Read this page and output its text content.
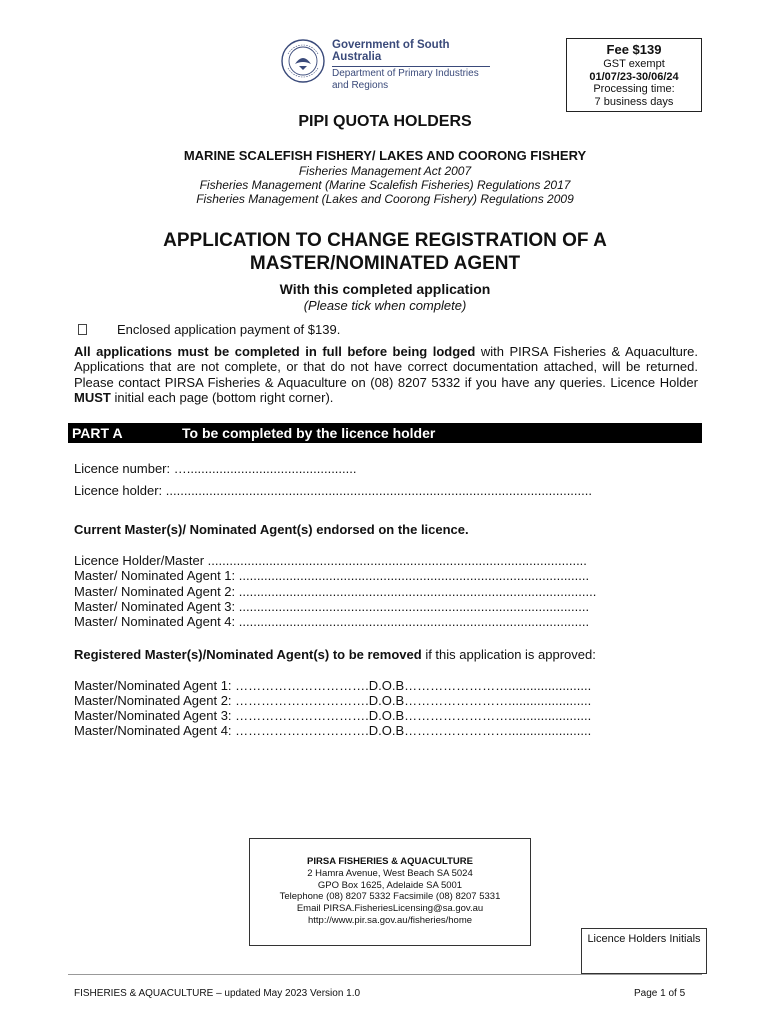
Government of South Australia
Department of Primary Industries
and Regions
Fee $139
GST exempt
01/07/23-30/06/24
Processing time:
7 business days
PIPI QUOTA HOLDERS
MARINE SCALEFISH FISHERY/ LAKES AND COORONG FISHERY
Fisheries Management Act 2007
Fisheries Management (Marine Scalefish Fisheries) Regulations 2017
Fisheries Management (Lakes and Coorong Fishery) Regulations 2009
APPLICATION TO CHANGE REGISTRATION OF A
MASTER/NOMINATED AGENT
With this completed application
(Please tick when complete)
Enclosed application payment of $139.
All applications must be completed in full before being lodged with PIRSA Fisheries & Aquaculture. Applications that are not complete, or that do not have correct documentation attached, will be returned. Please contact PIRSA Fisheries & Aquaculture on (08) 8207 5332 if you have any queries. Licence Holder MUST initial each page (bottom right corner).
PART A	To be completed by the licence holder
Licence number: …...............................................
Licence holder: ......................................................................................................................
Current Master(s)/ Nominated Agent(s) endorsed on the licence.
Licence Holder/Master .........................................................................................................
Master/ Nominated Agent 1: .................................................................................................
Master/ Nominated Agent 2: ...................................................................................................
Master/ Nominated Agent 3: .................................................................................................
Master/ Nominated Agent 4: .................................................................................................
Registered Master(s)/Nominated Agent(s) to be removed if this application is approved:
Master/Nominated Agent 1: ………………………….D.O.B…………………….......................
Master/Nominated Agent 2: ………………………….D.O.B…………………….......................
Master/Nominated Agent 3: ………………………….D.O.B…………………….......................
Master/Nominated Agent 4: ………………………….D.O.B…………………….......................
PIRSA FISHERIES & AQUACULTURE
2 Hamra Avenue, West Beach SA 5024
GPO Box 1625, Adelaide SA 5001
Telephone (08) 8207 5332 Facsimile (08) 8207 5331
Email PIRSA.FisheriesLicensing@sa.gov.au
http://www.pir.sa.gov.au/fisheries/home
Licence Holders Initials
FISHERIES & AQUACULTURE – updated May 2023 Version 1.0	Page 1 of 5
